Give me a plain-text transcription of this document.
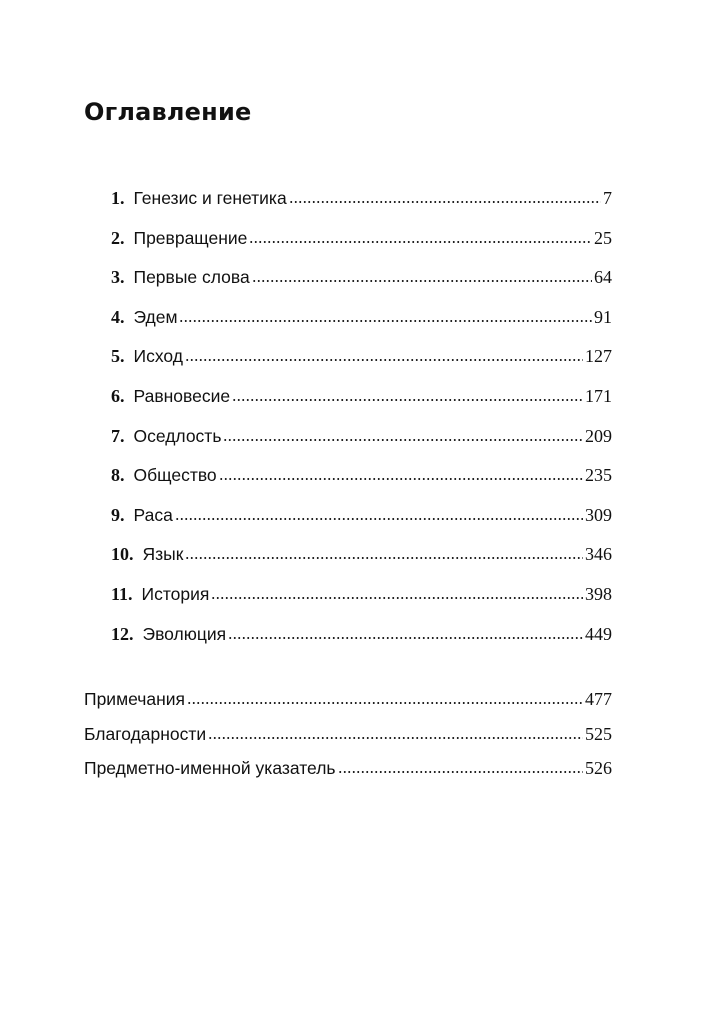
Оглавление
1. Генезис и генетика	7
2. Превращение	25
3. Первые слова	64
4. Эдем	91
5. Исход	127
6. Равновесие	171
7. Оседлость	209
8. Общество	235
9. Раса	309
10. Язык	346
11. История	398
12. Эволюция	449
Примечания	477
Благодарности	525
Предметно-именной указатель	526
